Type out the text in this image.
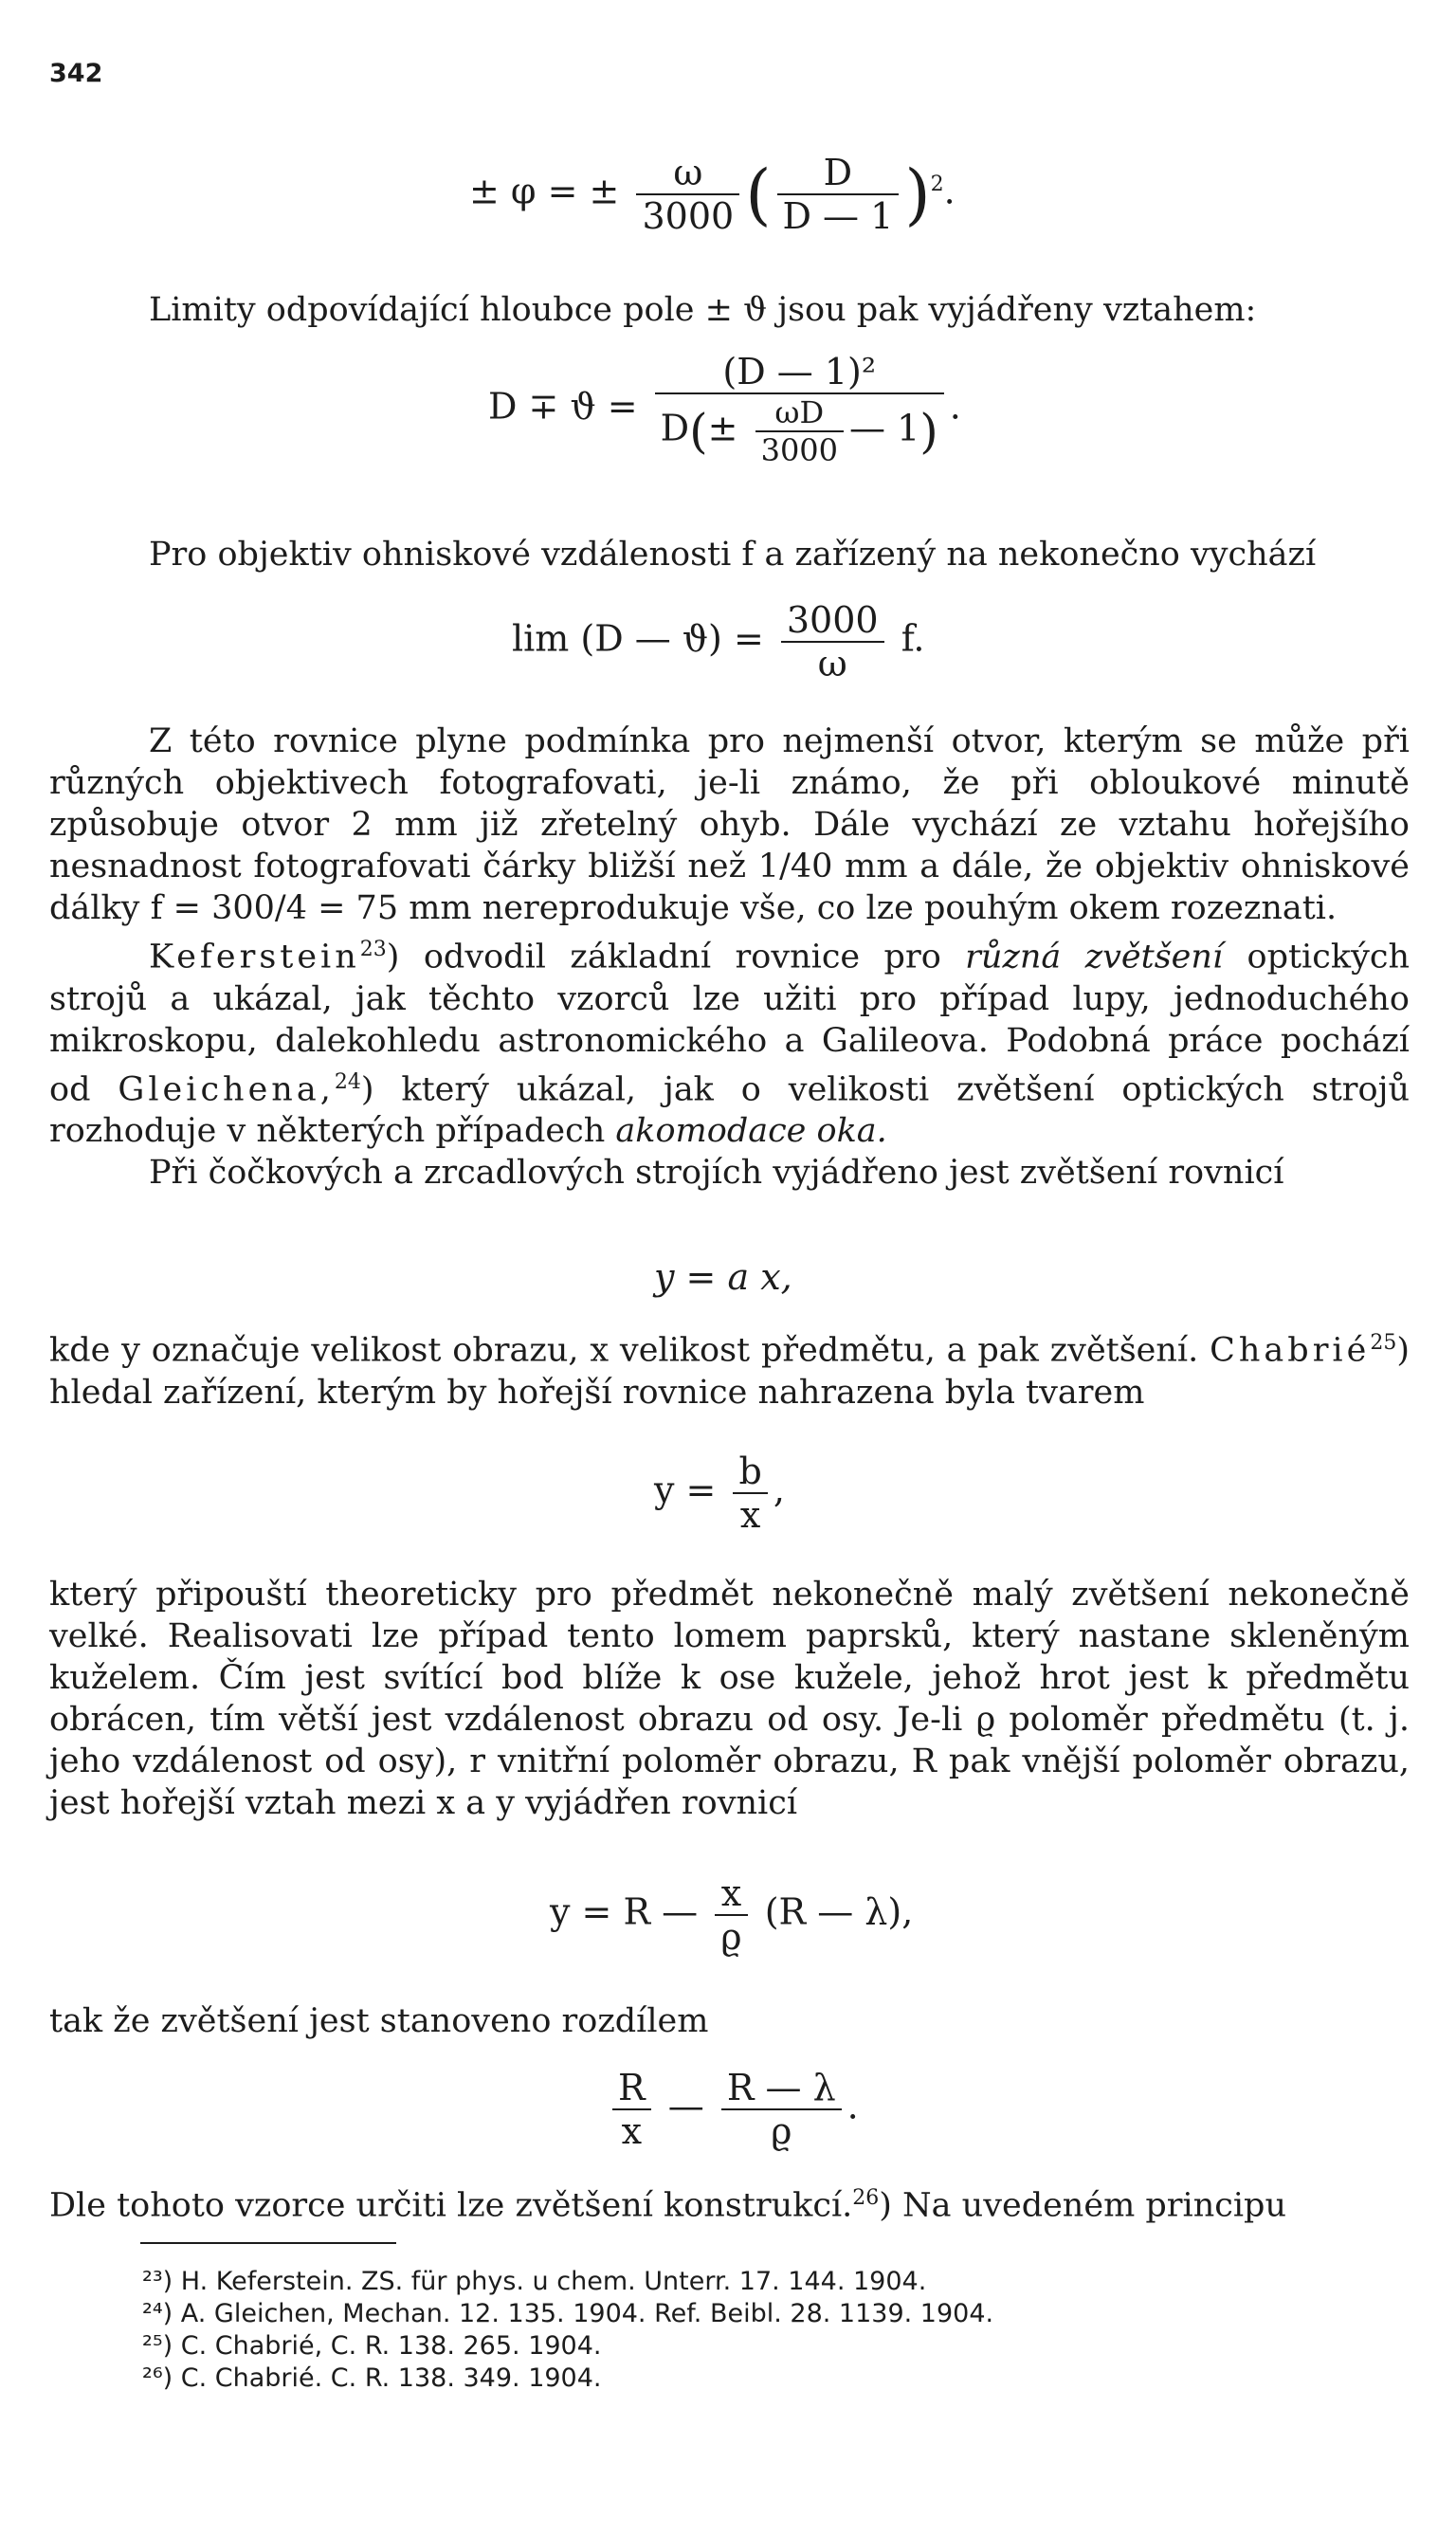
342
± φ = ± $\frac{\omega}{3000}$ ( $\frac{D}{D — 1} )^2$.

Limity odpovídající hloubce pole ± ϑ jsou pak vyjádřeny vztahem:

$D \mp ϑ = \frac{\text{(D — 1)²}}{D(\pm \frac{\omega D}{3000} — 1)}$ .

Pro objektiv ohniskové vzdálenosti f a zařízený na nekonečno vychází

lim (D — $ϑ) = \frac{3000}{\omega} f$.

Z této rovnice plyne podmínka pro nejmenší otvor, kterým se může při různých objektivech fotografovati, je-li známo, že při obloukové minutě způsobuje otvor 2 mm již zřetelný ohyb. Dále vychází ze vztahu hořejšího nesnadnost fotografovati čárky bližší než 1/40 mm a dále, že objektiv ohniskové dálky f = 300/4 = 75 mm nereprodukuje vše, co lze pouhým okem rozeznati.

Keferstein$^{23}$) odvodil základní rovnice pro různá zvětšení optických strojů a ukázal, jak těchto vzorců lze užiti pro případ lupy, jednoduchého mikroskopu, dalekohledu astronomického a Galileova. Podobná práce pochází od Gleichena,$^{24}$) který ukázal, jak o velikosti zvětšení optických strojů rozhoduje v některých případech akomodace oka.

Při čočkových a zrcadlových strojích vyjádřeno jest zvětšení rovnicí

y = a x,

kde y označuje velikost obrazu, x velikost předmětu, a pak zvětšení. Chabrié$^{25}$) hledal zařízení, kterým by hořejší rovnice nahrazena byla tvarem

$y = \frac{b}{x}$ ,

který připouští theoreticky pro předmět nekonečně malý zvětšení nekonečně velké. Realisovati lze případ tento lomem paprsků, který nastane skleněným kuželem. Čím jest svítící bod blíže k ose kužele, jehož hrot jest k předmětu obrácen, tím větší jest vzdálenost obrazu od osy. Je-li ϱ poloměr předmětu (t. j. jeho vzdálenost od osy), r vnitřní poloměr obrazu, R pak vnější poloměr obrazu, jest hořejší vztah mezi x a y vyjádřen rovnicí

y = R — $\frac{x}{ϱ} (R$ — λ),

tak že zvětšení jest stanoveno rozdílem

$\frac{R}{x}$ — $\frac{R — \lambda}{ϱ}$ .

Dle tohoto vzorce určiti lze zvětšení konstrukcí.$^{26}$) Na uvedeném principu

²³) H. Keferstein. ZS. für phys. u chem. Unterr. 17. 144. 1904.
²⁴) A. Gleichen, Mechan. 12. 135. 1904. Ref. Beibl. 28. 1139. 1904.
²⁵) C. Chabrié, C. R. 138. 265. 1904.
²⁶) C. Chabrié. C. R. 138. 349. 1904.
